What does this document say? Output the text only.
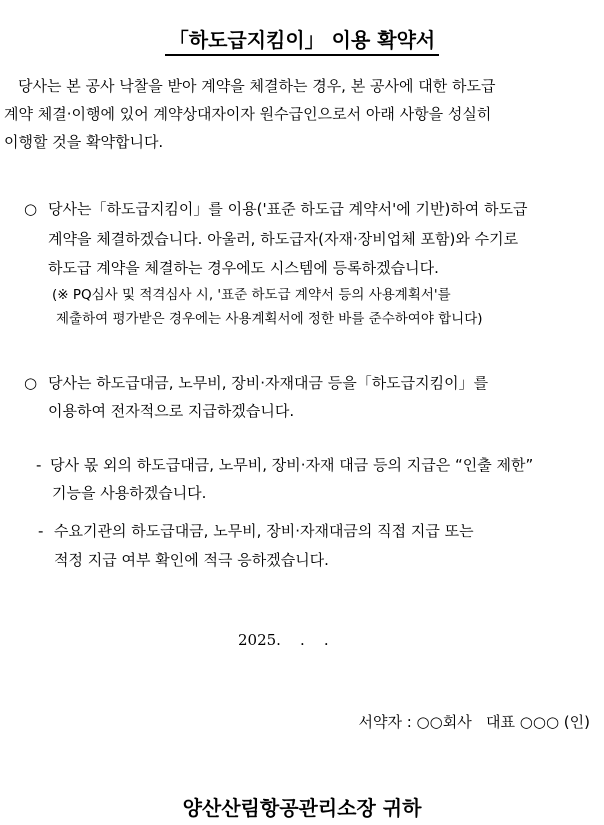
「하도급지킴이」 이용 확약서
당사는 본 공사 낙찰을 받아 계약을 체결하는 경우, 본 공사에 대한 하도급
계약 체결·이행에 있어 계약상대자이자 원수급인으로서 아래 사항을 성실히
이행할 것을 확약합니다.
○ 당사는「하도급지킴이」를 이용('표준 하도급 계약서'에 기반)하여 하도급
계약을 체결하겠습니다. 아울러, 하도급자(자재·장비업체 포함)와 수기로
하도급 계약을 체결하는 경우에도 시스템에 등록하겠습니다.
(※ PQ심사 및 적격심사 시, '표준 하도급 계약서 등의 사용계획서'를
제출하여 평가받은 경우에는 사용계획서에 정한 바를 준수하여야 합니다)
○ 당사는 하도급대금, 노무비, 장비·자재대금 등을「하도급지킴이」를
이용하여 전자적으로 지급하겠습니다.
- 당사 몫 외의 하도급대금, 노무비, 장비·자재 대금 등의 지급은 “인출 제한”
기능을 사용하겠습니다.
- 수요기관의 하도급대금, 노무비, 장비·자재대금의 직접 지급 또는
적정 지급 여부 확인에 적극 응하겠습니다.
2025.    .    .
서약자 : ○○회사   대표 ○○○ (인)
양산산림항공관리소장 귀하
